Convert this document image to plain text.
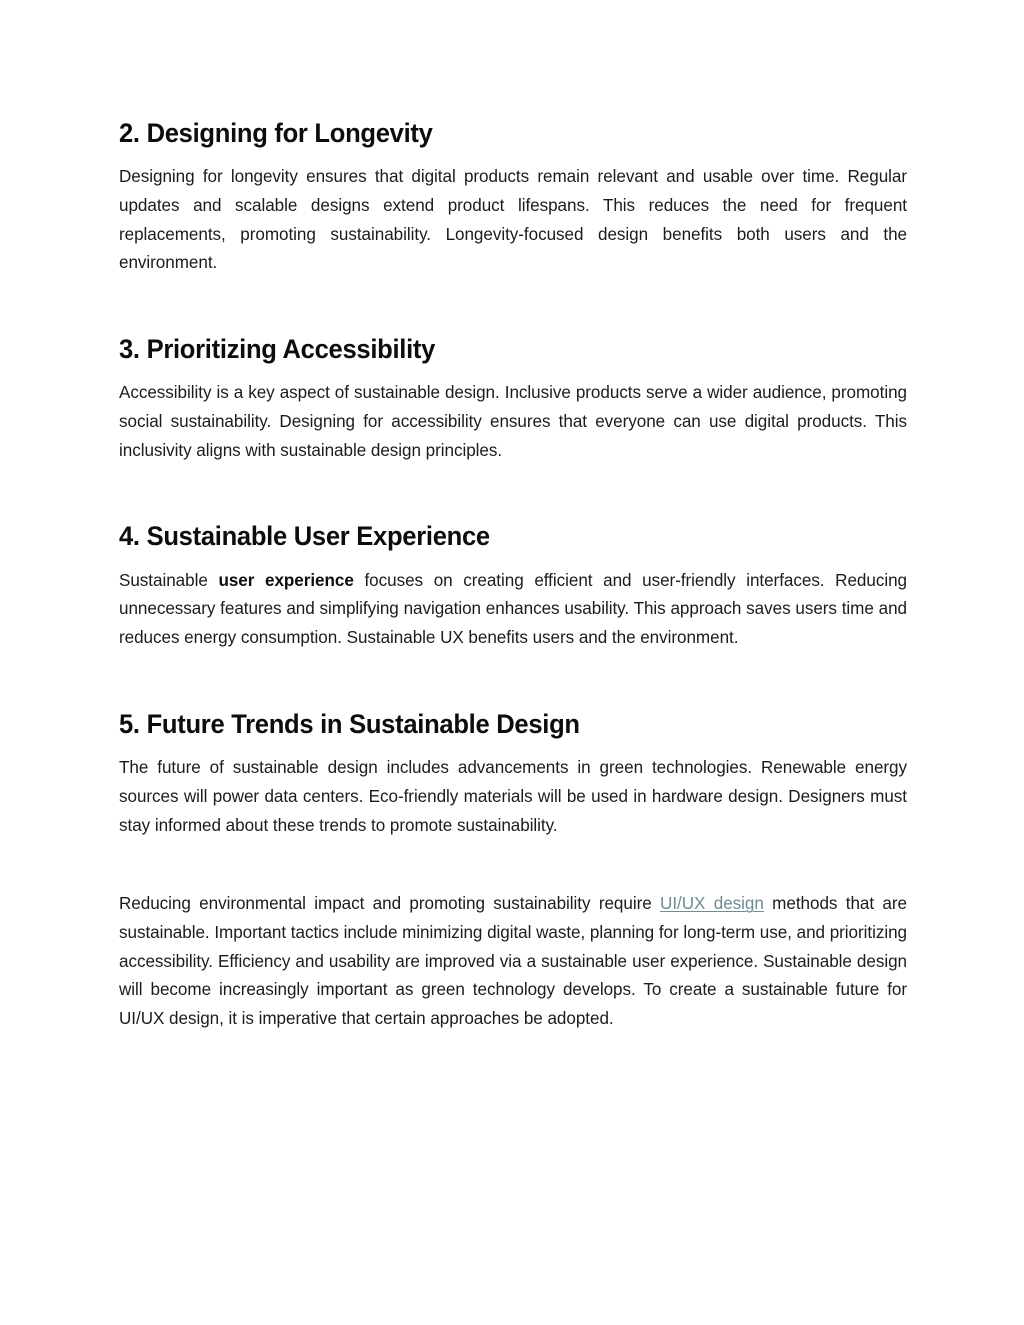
2. Designing for Longevity

Designing for longevity ensures that digital products remain relevant and usable over time. Regular updates and scalable designs extend product lifespans. This reduces the need for frequent replacements, promoting sustainability. Longevity-focused design benefits both users and the environment.

3. Prioritizing Accessibility

Accessibility is a key aspect of sustainable design. Inclusive products serve a wider audience, promoting social sustainability. Designing for accessibility ensures that everyone can use digital products. This inclusivity aligns with sustainable design principles.

4. Sustainable User Experience

Sustainable user experience focuses on creating efficient and user-friendly interfaces. Reducing unnecessary features and simplifying navigation enhances usability. This approach saves users time and reduces energy consumption. Sustainable UX benefits users and the environment.

5. Future Trends in Sustainable Design

The future of sustainable design includes advancements in green technologies. Renewable energy sources will power data centers. Eco-friendly materials will be used in hardware design. Designers must stay informed about these trends to promote sustainability.

Reducing environmental impact and promoting sustainability require UI/UX design methods that are sustainable. Important tactics include minimizing digital waste, planning for long-term use, and prioritizing accessibility. Efficiency and usability are improved via a sustainable user experience. Sustainable design will become increasingly important as green technology develops. To create a sustainable future for UI/UX design, it is imperative that certain approaches be adopted.
